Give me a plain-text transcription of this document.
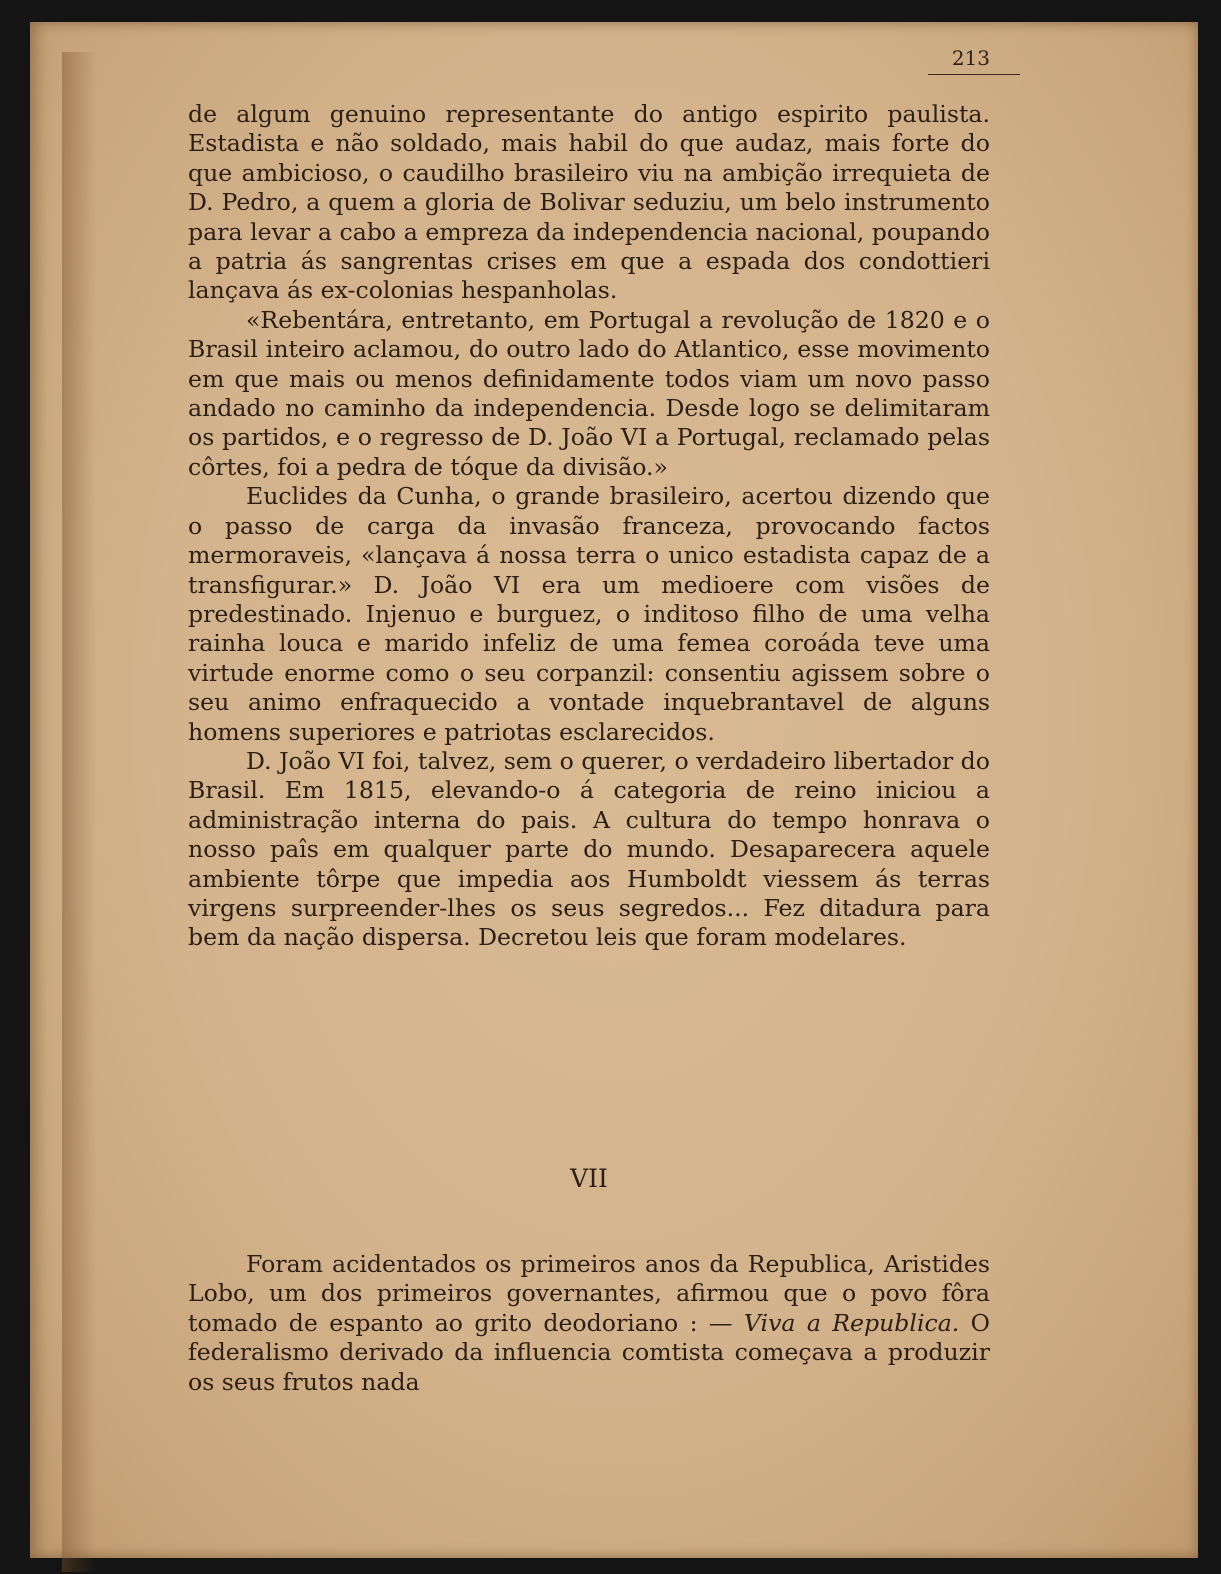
213

de algum genuino representante do antigo espirito paulista. Estadista e não soldado, mais habil do que audaz, mais forte do que ambicioso, o caudilho brasileiro viu na ambição irrequieta de D. Pedro, a quem a gloria de Bolivar seduziu, um belo instrumento para levar a cabo a empreza da independencia nacional, poupando a patria ás sangrentas crises em que a espada dos condottieri lançava ás ex-colonias hespanholas.

«Rebentára, entretanto, em Portugal a revolução de 1820 e o Brasil inteiro aclamou, do outro lado do Atlantico, esse movimento em que mais ou menos definidamente todos viam um novo passo andado no caminho da independencia. Desde logo se delimitaram os partidos, e o regresso de D. João VI a Portugal, reclamado pelas côrtes, foi a pedra de tóque da divisão.»

Euclides da Cunha, o grande brasileiro, acertou dizendo que o passo de carga da invasão franceza, provocando factos mermoraveis, «lançava á nossa terra o unico estadista capaz de a transfigurar.» D. João VI era um medioere com visões de predestinado. Injenuo e burguez, o inditoso filho de uma velha rainha louca e marido infeliz de uma femea coroáda teve uma virtude enorme como o seu corpanzil: consentiu agissem sobre o seu animo enfraquecido a vontade inquebrantavel de alguns homens superiores e patriotas esclarecidos.

D. João VI foi, talvez, sem o querer, o verdadeiro libertador do Brasil. Em 1815, elevando-o á categoria de reino iniciou a administração interna do pais. A cultura do tempo honrava o nosso paîs em qualquer parte do mundo. Desaparecera aquele ambiente tôrpe que impedia aos Humboldt viessem ás terras virgens surpreender-lhes os seus segredos... Fez ditadura para bem da nação dispersa. Decretou leis que foram modelares.

VII

Foram acidentados os primeiros anos da Republica, Aristides Lobo, um dos primeiros governantes, afirmou que o povo fôra tomado de espanto ao grito deodoriano : — Viva a Republica. O federalismo derivado da influencia comtista começava a produzir os seus frutos nada
